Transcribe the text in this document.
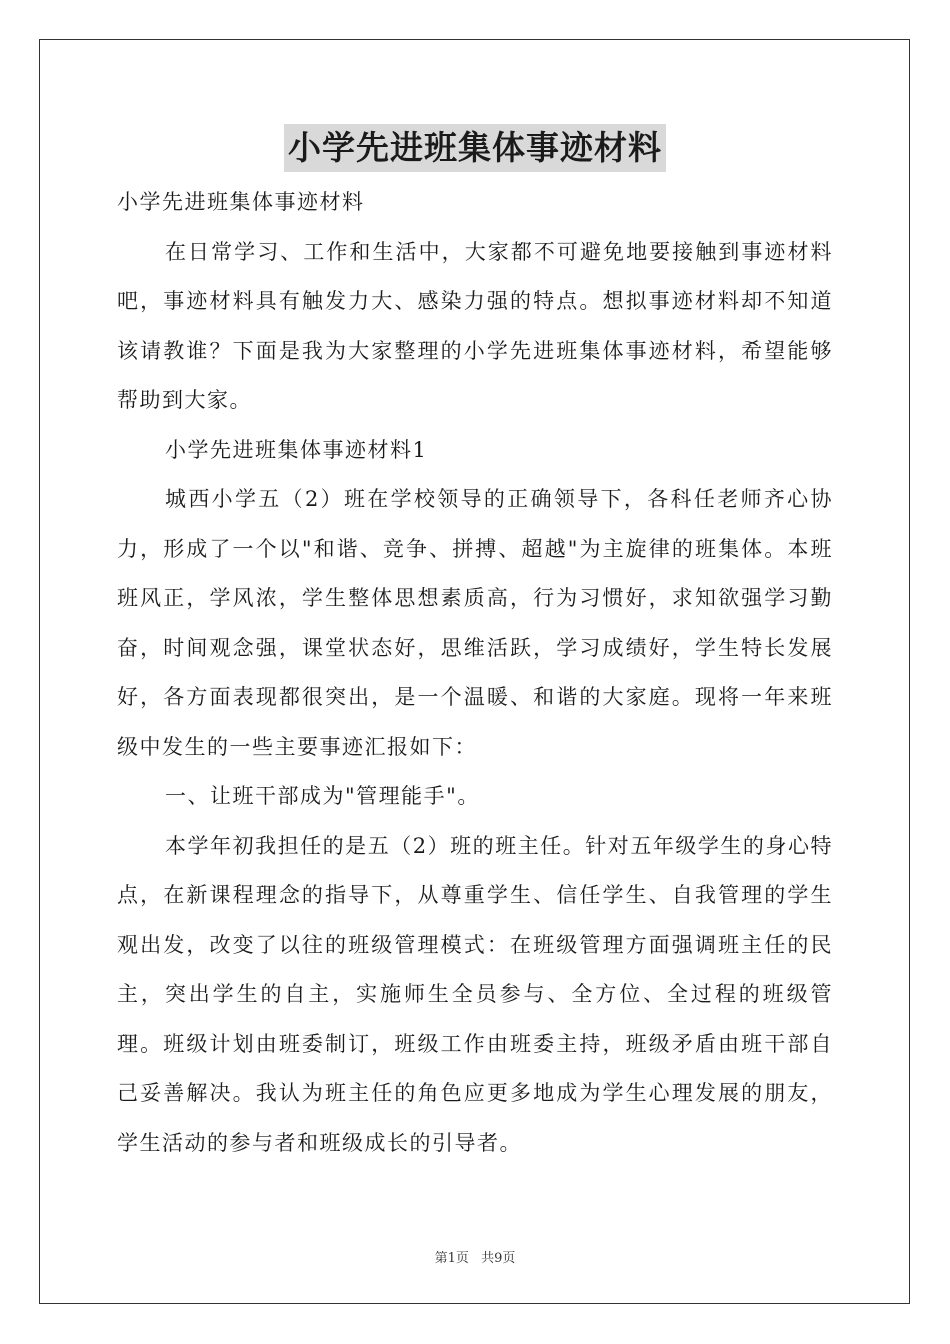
小学先进班集体事迹材料

小学先进班集体事迹材料

在日常学习、工作和生活中，大家都不可避免地要接触到事迹材料吧，事迹材料具有触发力大、感染力强的特点。想拟事迹材料却不知道该请教谁？下面是我为大家整理的小学先进班集体事迹材料，希望能够帮助到大家。

小学先进班集体事迹材料1

城西小学五（2）班在学校领导的正确领导下，各科任老师齐心协力，形成了一个以"和谐、竞争、拼搏、超越"为主旋律的班集体。本班班风正，学风浓，学生整体思想素质高，行为习惯好，求知欲强学习勤奋，时间观念强，课堂状态好，思维活跃，学习成绩好，学生特长发展好，各方面表现都很突出，是一个温暖、和谐的大家庭。现将一年来班级中发生的一些主要事迹汇报如下：

一、让班干部成为"管理能手"。

本学年初我担任的是五（2）班的班主任。针对五年级学生的身心特点，在新课程理念的指导下，从尊重学生、信任学生、自我管理的学生观出发，改变了以往的班级管理模式：在班级管理方面强调班主任的民主，突出学生的自主，实施师生全员参与、全方位、全过程的班级管理。班级计划由班委制订，班级工作由班委主持，班级矛盾由班干部自己妥善解决。我认为班主任的角色应更多地成为学生心理发展的朋友，学生活动的参与者和班级成长的引导者。

第1页 共9页
